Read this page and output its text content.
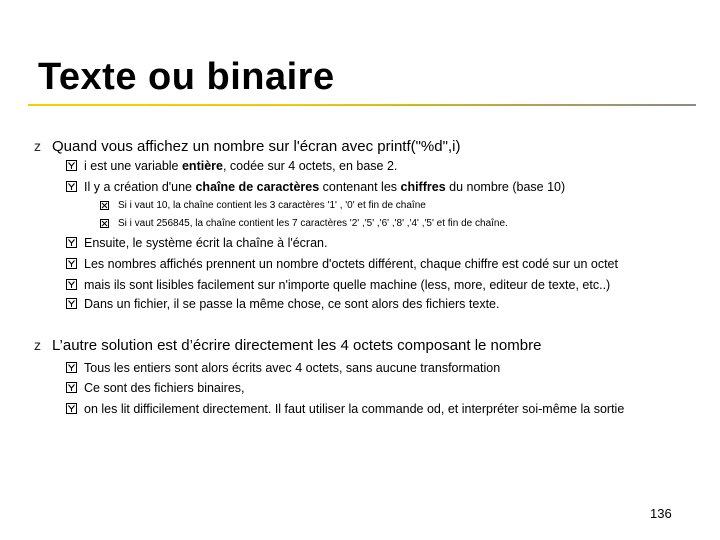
Texte ou binaire
z Quand vous affichez un nombre sur l'écran avec printf("%d",i)
i est une variable entière, codée sur 4 octets, en base 2.
Il y a création d'une chaîne de caractères contenant les chiffres du nombre (base 10)
Si i vaut 10, la chaîne contient les 3 caractères '1' , '0' et fin de chaîne
Si i vaut 256845, la chaîne contient les 7 caractères '2' ,'5' ,'6' ,'8' ,'4' ,'5' et fin de chaîne.
Ensuite, le système écrit la chaîne à l'écran.
Les nombres affichés prennent un nombre d'octets différent, chaque chiffre est codé sur un octet
mais ils sont lisibles facilement sur n'importe quelle machine (less, more, editeur de texte, etc..)
Dans un fichier, il se passe la même chose, ce sont alors des fichiers texte.
z L’autre solution est d’écrire directement les 4 octets composant le nombre
Tous les entiers sont alors écrits avec 4 octets, sans aucune transformation
Ce sont des fichiers binaires,
on les lit difficilement directement. Il faut utiliser la commande od, et interpréter soi-même la sortie
136
